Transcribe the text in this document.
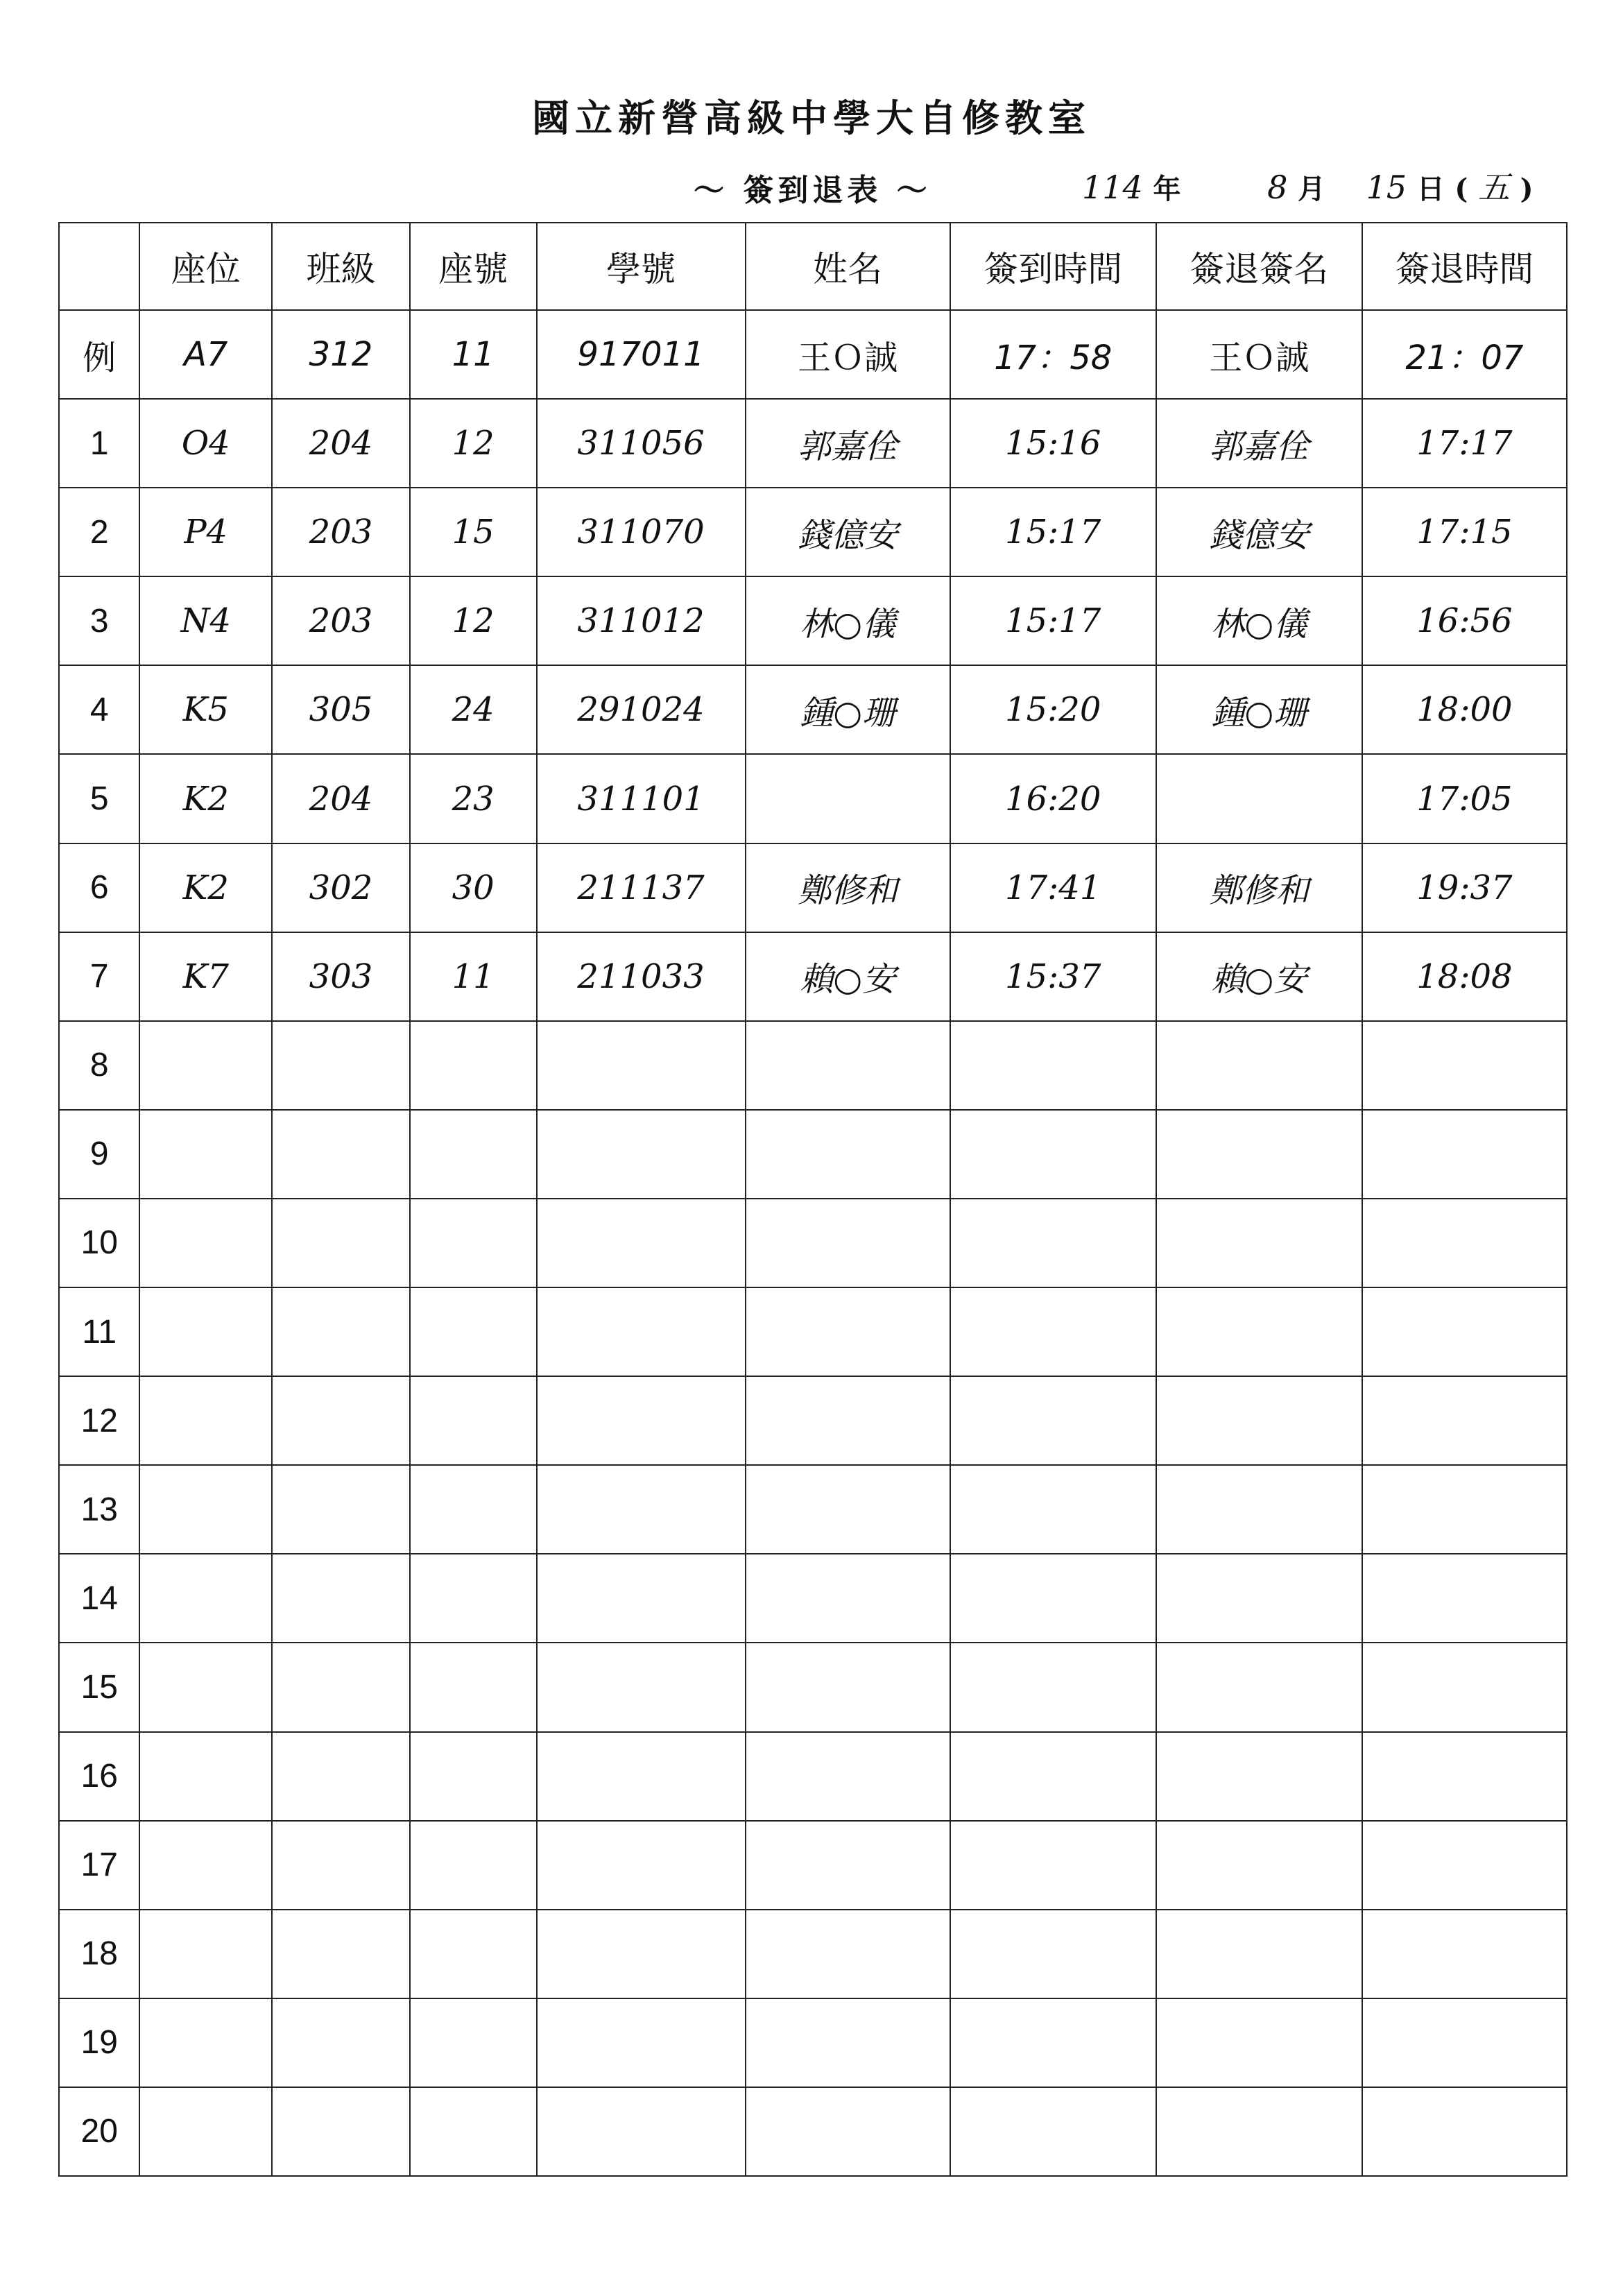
國立新營高級中學大自修教室
～ 簽到退表 ～	114 年	8 月 15 日 ( 五 )
	座位	班級	座號	學號	姓名	簽到時間	簽退簽名	簽退時間
例	A7	312	11	917011	王Ｏ誠	17：58	王Ｏ誠	21：07
1	O4	204	12	311056	郭嘉佺	15:16	郭嘉佺	17:17
2	P4	203	15	311070	錢億安	15:17	錢億安	17:15
3	N4	203	12	311012	林○儀	15:17	林○儀	16:56
4	K5	305	24	291024	鍾○珊	15:20	鍾○珊	18:00
5	K2	204	23	311101		16:20		17:05
6	K2	302	30	211137	鄭修和	17:41	鄭修和	19:37
7	K7	303	11	211033	賴○安	15:37	賴○安	18:08
8								
9								
10								
11								
12								
13								
14								
15								
16								
17								
18								
19								
20								
